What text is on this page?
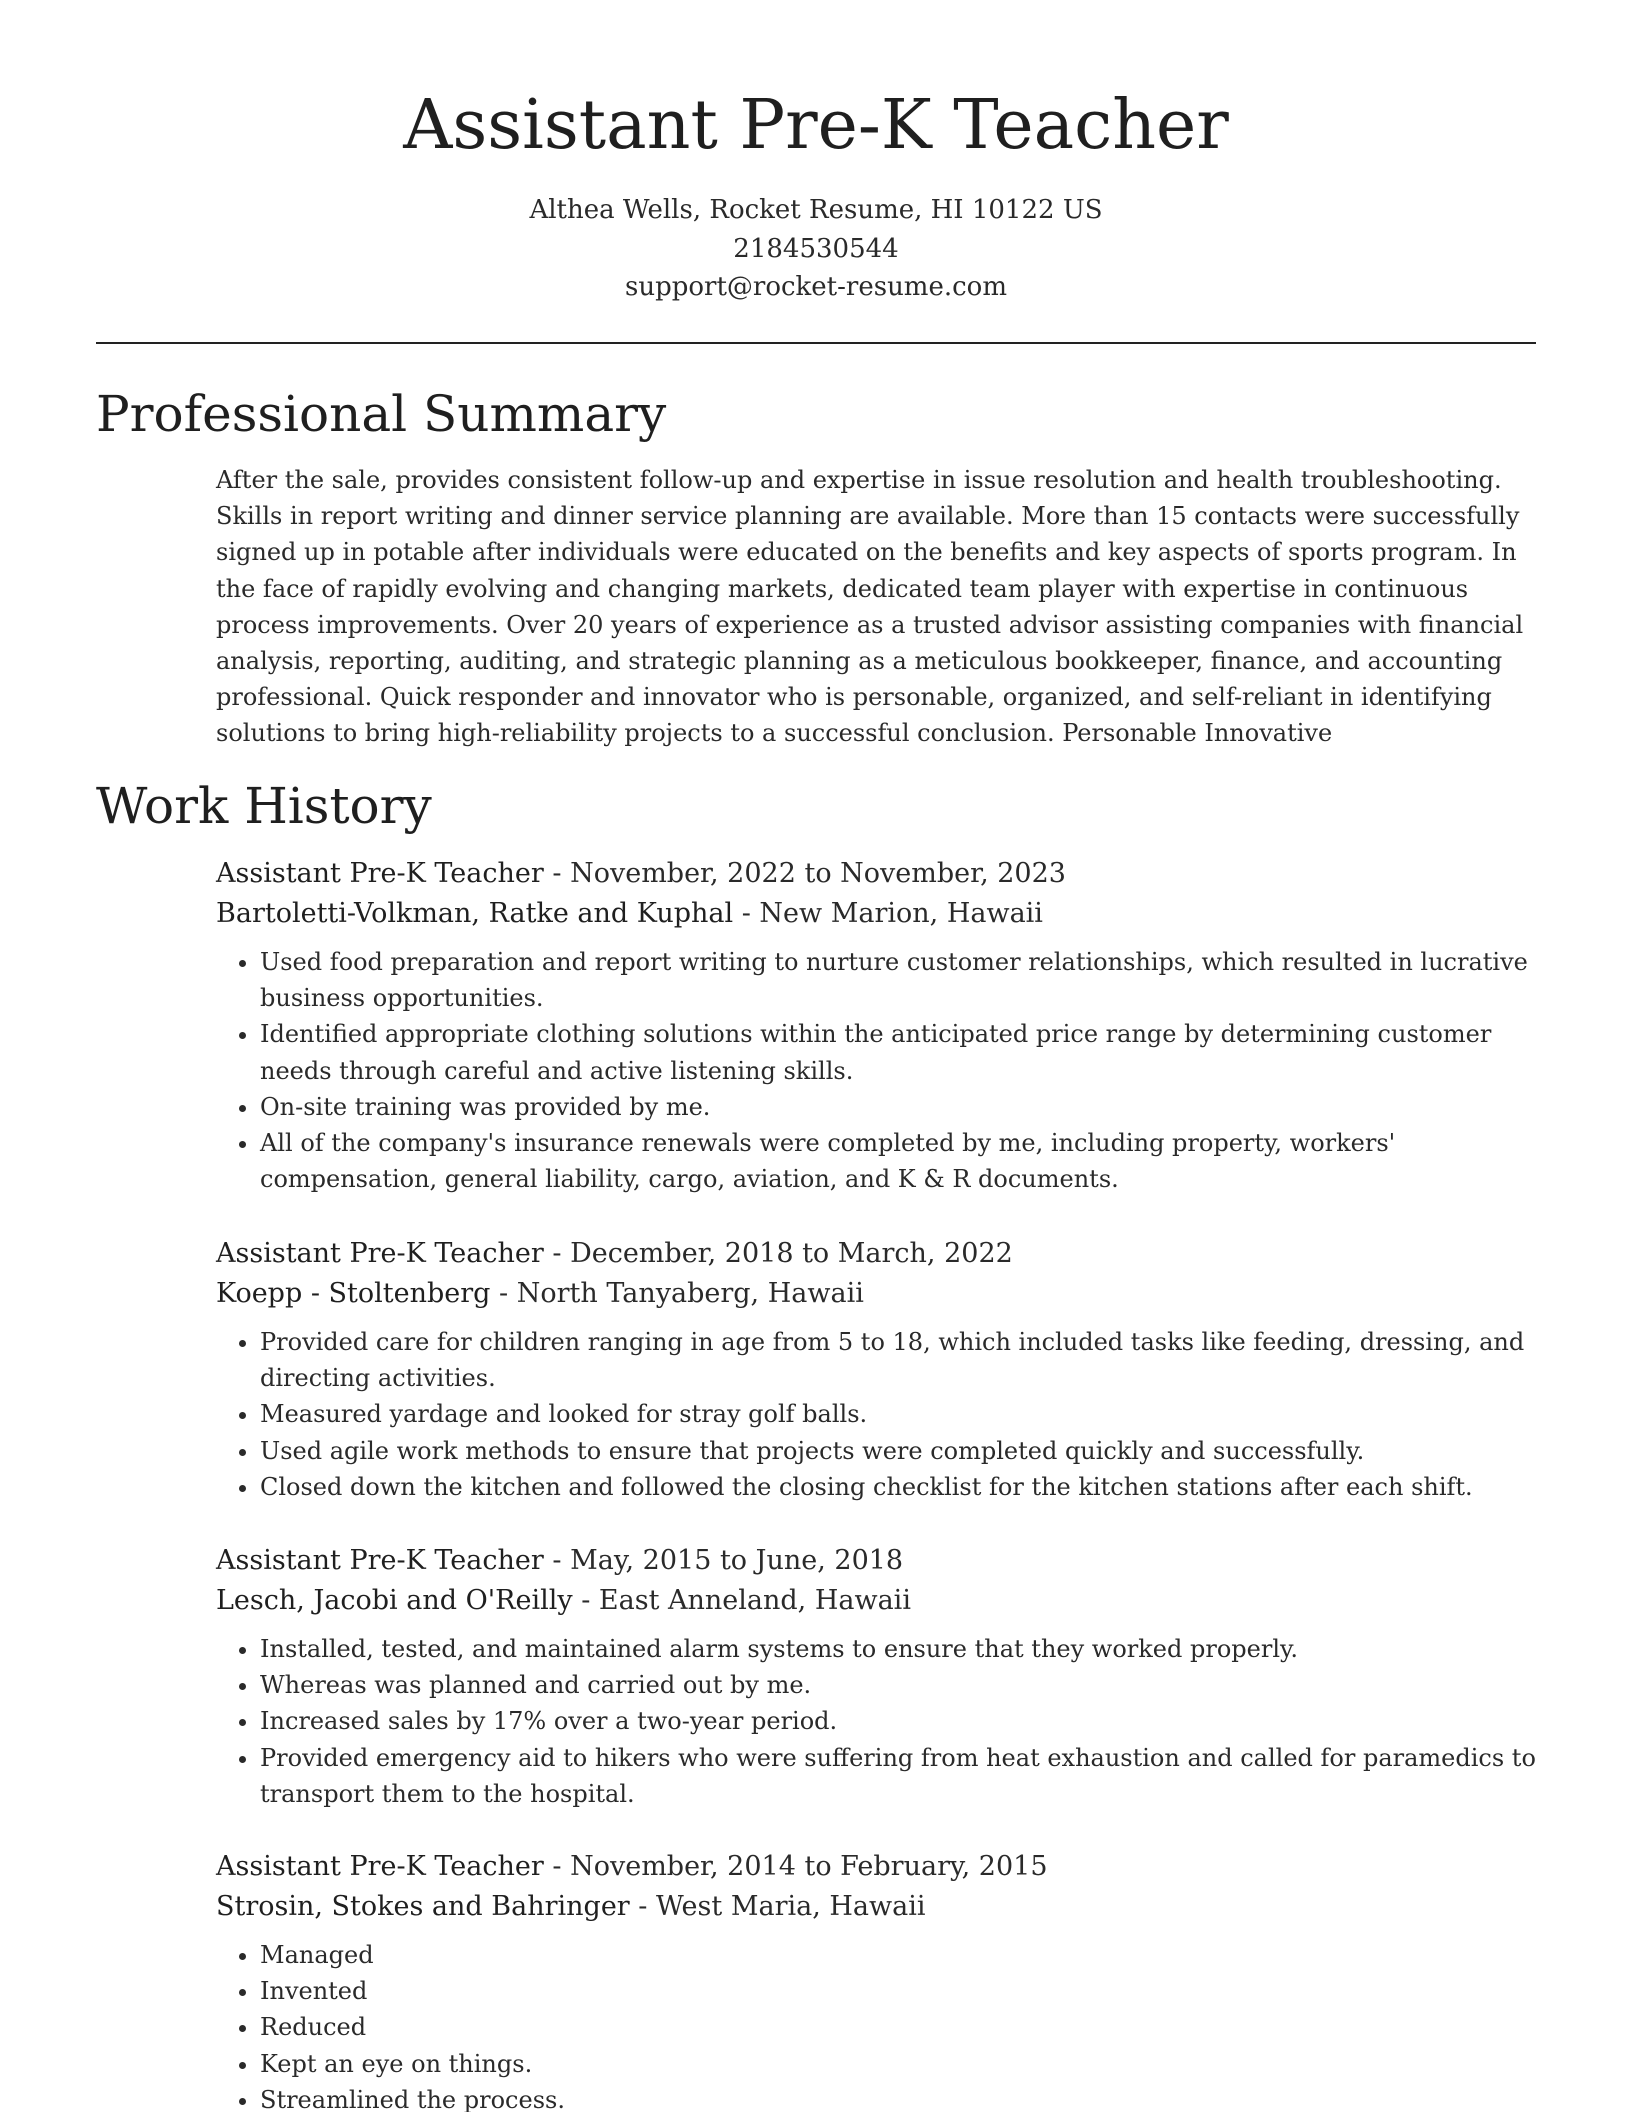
Assistant Pre-K Teacher
Althea Wells, Rocket Resume, HI 10122 US
2184530544
support@rocket-resume.com
Professional Summary

After the sale, provides consistent follow-up and expertise in issue resolution and health troubleshooting. Skills in report writing and dinner service planning are available. More than 15 contacts were successfully signed up in potable after individuals were educated on the benefits and key aspects of sports program. In the face of rapidly evolving and changing markets, dedicated team player with expertise in continuous process improvements. Over 20 years of experience as a trusted advisor assisting companies with financial analysis, reporting, auditing, and strategic planning as a meticulous bookkeeper, finance, and accounting professional. Quick responder and innovator who is personable, organized, and self-reliant in identifying solutions to bring high-reliability projects to a successful conclusion. Personable Innovative

Work History
Assistant Pre-K Teacher - November, 2022 to November, 2023
Bartoletti-Volkman, Ratke and Kuphal - New Marion, Hawaii
• Used food preparation and report writing to nurture customer relationships, which resulted in lucrative business opportunities.
• Identified appropriate clothing solutions within the anticipated price range by determining customer needs through careful and active listening skills.
• On-site training was provided by me.
• All of the company's insurance renewals were completed by me, including property, workers' compensation, general liability, cargo, aviation, and K & R documents.
Assistant Pre-K Teacher - December, 2018 to March, 2022
Koepp - Stoltenberg - North Tanyaberg, Hawaii
• Provided care for children ranging in age from 5 to 18, which included tasks like feeding, dressing, and directing activities.
• Measured yardage and looked for stray golf balls.
• Used agile work methods to ensure that projects were completed quickly and successfully.
• Closed down the kitchen and followed the closing checklist for the kitchen stations after each shift.
Assistant Pre-K Teacher - May, 2015 to June, 2018
Lesch, Jacobi and O'Reilly - East Anneland, Hawaii
• Installed, tested, and maintained alarm systems to ensure that they worked properly.
• Whereas was planned and carried out by me.
• Increased sales by 17% over a two-year period.
• Provided emergency aid to hikers who were suffering from heat exhaustion and called for paramedics to transport them to the hospital.
Assistant Pre-K Teacher - November, 2014 to February, 2015
Strosin, Stokes and Bahringer - West Maria, Hawaii
• Managed
• Invented
• Reduced
• Kept an eye on things.
• Streamlined the process.
